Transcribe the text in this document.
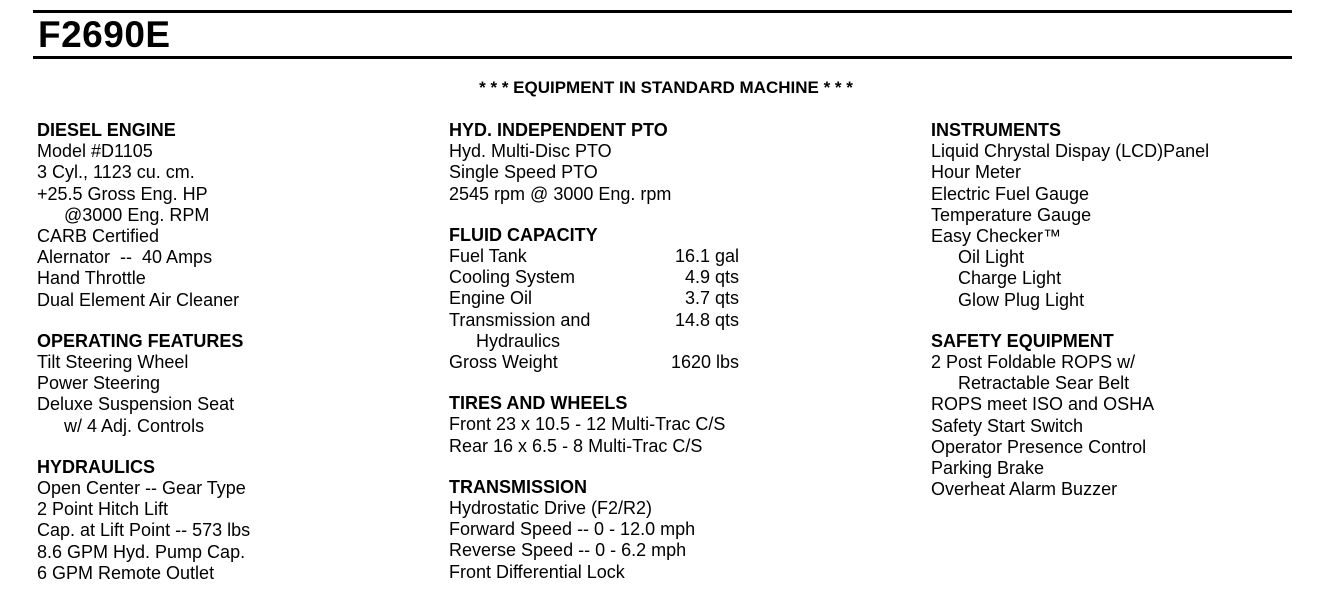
F2690E
* * * EQUIPMENT IN STANDARD MACHINE * * *
DIESEL ENGINE
Model #D1105
3 Cyl., 1123 cu. cm.
+25.5 Gross Eng. HP
@3000 Eng. RPM
CARB Certified
Alernator  --  40 Amps
Hand Throttle
Dual Element Air Cleaner
OPERATING FEATURES
Tilt Steering Wheel
Power Steering
Deluxe Suspension Seat
w/ 4 Adj. Controls
HYDRAULICS
Open Center -- Gear Type
2 Point Hitch Lift
Cap. at Lift Point -- 573 lbs
8.6 GPM Hyd. Pump Cap.
6 GPM Remote Outlet
HYD. INDEPENDENT PTO
Hyd. Multi-Disc PTO
Single Speed PTO
2545 rpm @ 3000 Eng. rpm
FLUID CAPACITY
Fuel Tank	16.1 gal
Cooling System	4.9 qts
Engine Oil	3.7 qts
Transmission and	14.8 qts
Hydraulics
Gross Weight	1620 lbs
TIRES AND WHEELS
Front 23 x 10.5 - 12 Multi-Trac C/S
Rear 16 x 6.5 - 8 Multi-Trac C/S
TRANSMISSION
Hydrostatic Drive (F2/R2)
Forward Speed -- 0 - 12.0 mph
Reverse Speed -- 0 - 6.2 mph
Front Differential Lock
INSTRUMENTS
Liquid Chrystal Dispay (LCD)Panel
Hour Meter
Electric Fuel Gauge
Temperature Gauge
Easy Checker™
Oil Light
Charge Light
Glow Plug Light
SAFETY EQUIPMENT
2 Post Foldable ROPS w/
Retractable Sear Belt
ROPS meet ISO and OSHA
Safety Start Switch
Operator Presence Control
Parking Brake
Overheat Alarm Buzzer
